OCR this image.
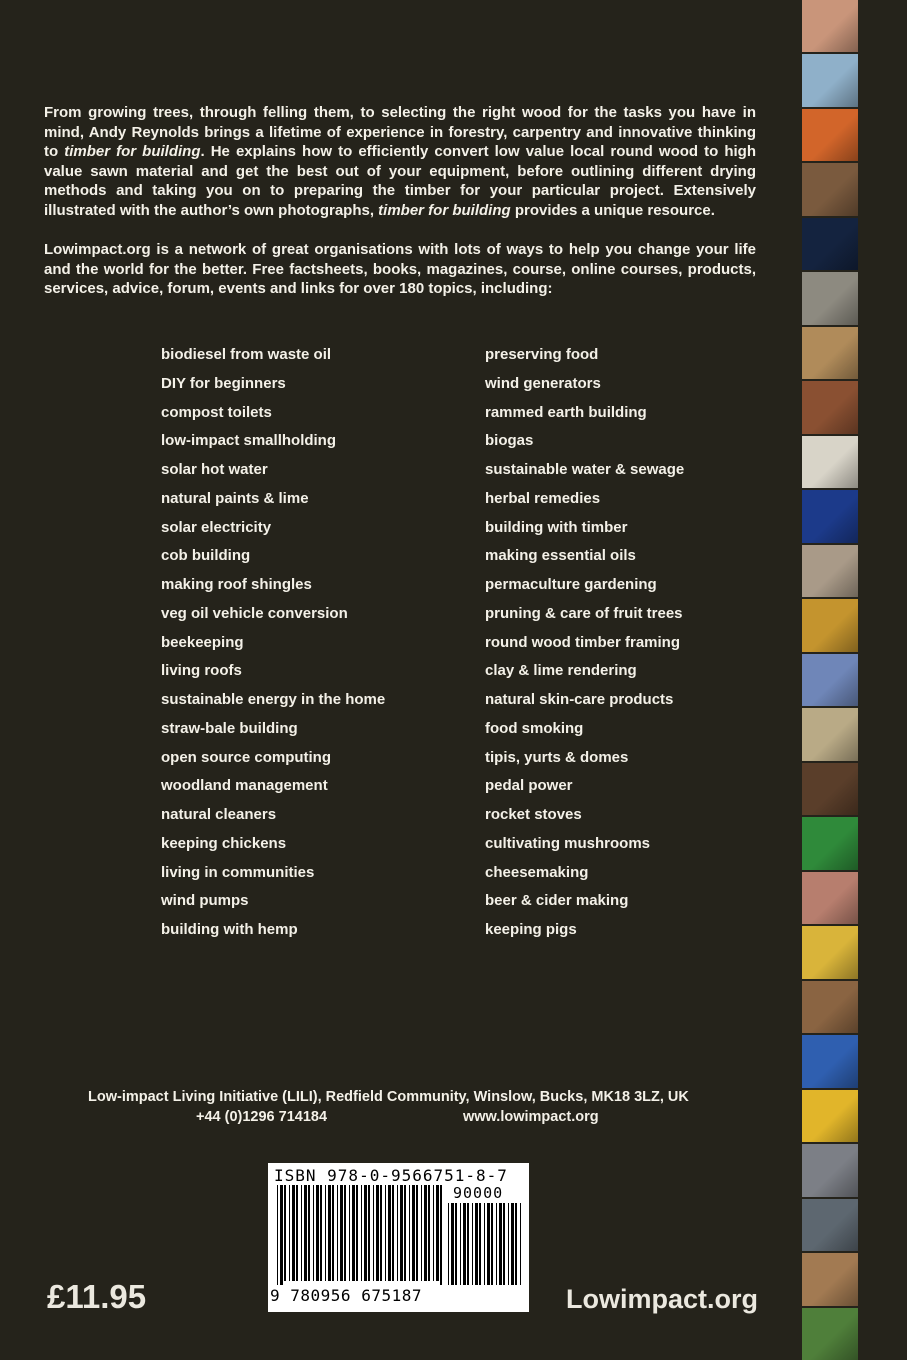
From growing trees, through felling them, to selecting the right wood for the tasks you have in mind, Andy Reynolds brings a lifetime of experience in forestry, carpentry and innovative thinking to timber for building. He explains how to efficiently convert low value local round wood to high value sawn material and get the best out of your equipment, before outlining different drying methods and taking you on to preparing the timber for your particular project. Extensively illustrated with the author’s own photographs, timber for building provides a unique resource.

Lowimpact.org is a network of great organisations with lots of ways to help you change your life and the world for the better. Free factsheets, books, magazines, course, online courses, products, services, advice, forum, events and links for over 180 topics, including:

biodiesel from waste oil
DIY for beginners
compost toilets
low-impact smallholding
solar hot water
natural paints & lime
solar electricity
cob building
making roof shingles
veg oil vehicle conversion
beekeeping
living roofs
sustainable energy in the home
straw-bale building
open source computing
woodland management
natural cleaners
keeping chickens
living in communities
wind pumps
building with hemp
preserving food
wind generators
rammed earth building
biogas
sustainable water & sewage
herbal remedies
building with timber
making essential oils
permaculture gardening
pruning & care of fruit trees
round wood timber framing
clay & lime rendering
natural skin-care products
food smoking
tipis, yurts & domes
pedal power
rocket stoves
cultivating mushrooms
cheesemaking
beer & cider making
keeping pigs
Low-impact Living Initiative (LILI), Redfield Community, Winslow, Bucks, MK18 3LZ, UK
+44 (0)1296 714184	www.lowimpact.org
ISBN 978-0-9566751-8-7
90000
9 780956 675187
£11.95	Lowimpact.org
